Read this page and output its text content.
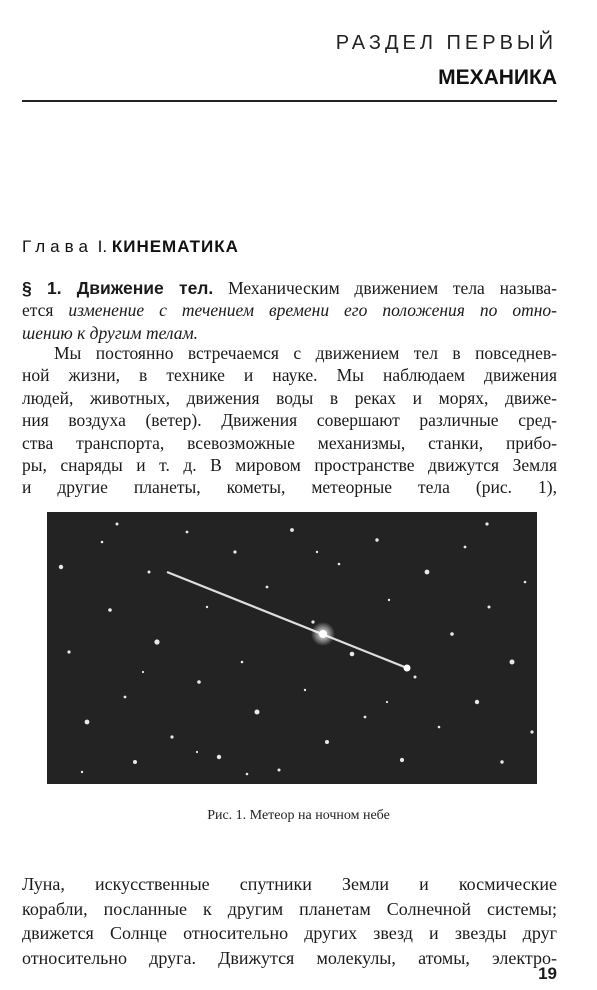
РАЗДЕЛ ПЕРВЫЙ
МЕХАНИКА
Глава I. КИНЕМАТИКА
§ 1. Движение тел. Механическим движением тела называ-
ется изменение с течением времени его положения по отно-
шению к другим телам.
Мы постоянно встречаемся с движением тел в повседнев-
ной жизни, в технике и науке. Мы наблюдаем движения
людей, животных, движения воды в реках и морях, движе-
ния воздуха (ветер). Движения совершают различные сред-
ства транспорта, всевозможные механизмы, станки, прибо-
ры, снаряды и т. д. В мировом пространстве движутся Земля
и другие планеты, кометы, метеорные тела (рис. 1),
Рис. 1. Метеор на ночном небе
Луна, искусственные спутники Земли и космические
корабли, посланные к другим планетам Солнечной системы;
движется Солнце относительно других звезд и звезды друг
относительно друга. Движутся молекулы, атомы, электро-
19
